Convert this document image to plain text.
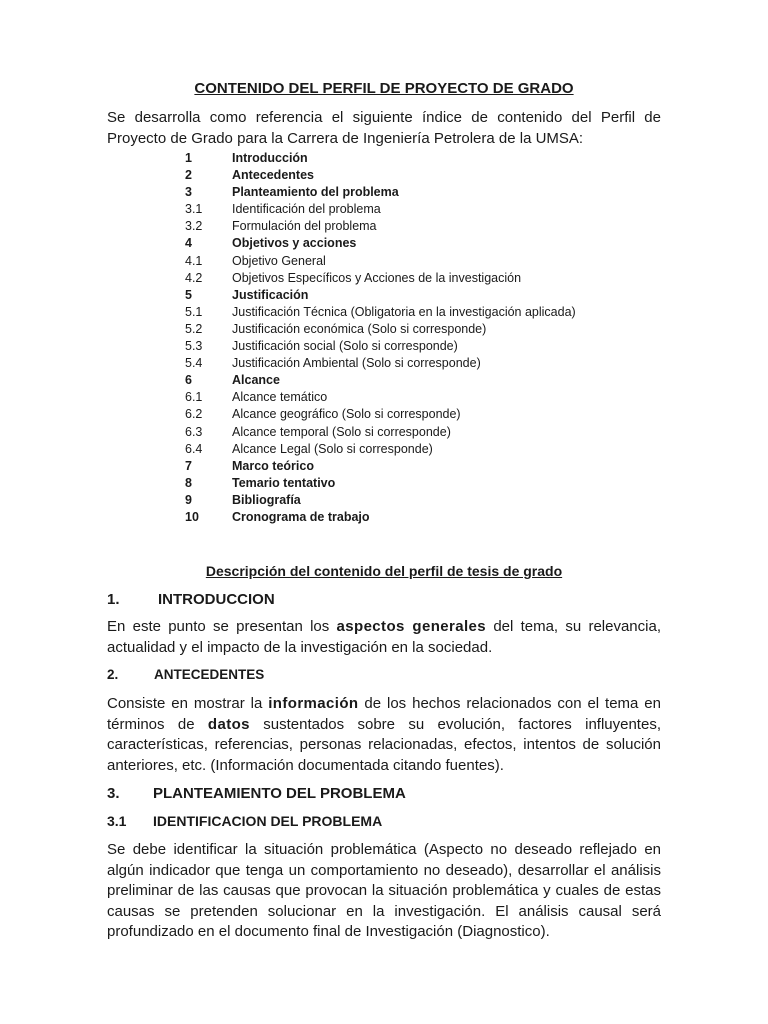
CONTENIDO DEL PERFIL DE PROYECTO DE GRADO
Se desarrolla como referencia el siguiente índice de contenido del Perfil de
Proyecto de Grado para la Carrera de Ingeniería Petrolera de la UMSA:
1	Introducción
2	Antecedentes
3	Planteamiento del problema
3.1 Identificación del problema
3.2 Formulación del problema
4	Objetivos y acciones
4.1 Objetivo General
4.2 Objetivos Específicos y Acciones de la investigación
5	Justificación
5.1 Justificación Técnica (Obligatoria en la investigación aplicada)
5.2 Justificación económica (Solo si corresponde)
5.3 Justificación social (Solo si corresponde)
5.4 Justificación Ambiental (Solo si corresponde)
6	Alcance
6.1 Alcance temático
6.2 Alcance geográfico (Solo si corresponde)
6.3 Alcance temporal (Solo si corresponde)
6.4 Alcance Legal (Solo si corresponde)
7	Marco teórico
8	Temario tentativo
9	Bibliografía
10	Cronograma de trabajo
Descripción del contenido del perfil de tesis de grado
1.	INTRODUCCION
En este punto se presentan los aspectos generales del tema, su relevancia,
actualidad y el impacto de la investigación en la sociedad.
2.	ANTECEDENTES
Consiste en mostrar la información de los hechos relacionados con el tema en
términos de datos sustentados sobre su evolución, factores influyentes,
características, referencias, personas relacionadas, efectos, intentos de solución
anteriores, etc. (Información documentada citando fuentes).
3. PLANTEAMIENTO DEL PROBLEMA
3.1 IDENTIFICACION DEL PROBLEMA
Se debe identificar la situación problemática (Aspecto no deseado reflejado en
algún indicador que tenga un comportamiento no deseado), desarrollar el análisis
preliminar de las causas que provocan la situación problemática y cuales de estas
causas se pretenden solucionar en la investigación. El análisis causal será
profundizado en el documento final de Investigación (Diagnostico).
